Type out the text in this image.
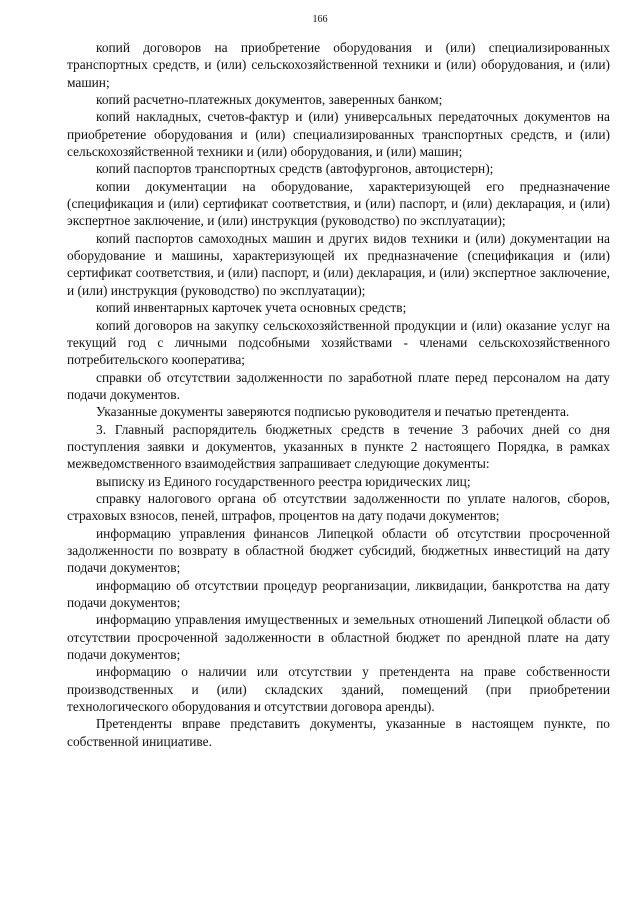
166

копий договоров на приобретение оборудования и (или) специализированных транспортных средств, и (или) сельскохозяйственной техники и (или) оборудования, и (или) машин;

копий расчетно-платежных документов, заверенных банком;

копий накладных, счетов-фактур и (или) универсальных передаточных документов на приобретение оборудования и (или) специализированных транспортных средств, и (или) сельскохозяйственной техники и (или) оборудования, и (или) машин;

копий паспортов транспортных средств (автофургонов, автоцистерн);

копии документации на оборудование, характеризующей его предназначение (спецификация и (или) сертификат соответствия, и (или) паспорт, и (или) декларация, и (или) экспертное заключение, и (или) инструкция (руководство) по эксплуатации);

копий паспортов самоходных машин и других видов техники и (или) документации на оборудование и машины, характеризующей их предназначение (спецификация и (или) сертификат соответствия, и (или) паспорт, и (или) декларация, и (или) экспертное заключение, и (или) инструкция (руководство) по эксплуатации);

копий инвентарных карточек учета основных средств;

копий договоров на закупку сельскохозяйственной продукции и (или) оказание услуг на текущий год с личными подсобными хозяйствами - членами сельскохозяйственного потребительского кооператива;

справки об отсутствии задолженности по заработной плате перед персоналом на дату подачи документов.

Указанные документы заверяются подписью руководителя и печатью претендента.

3. Главный распорядитель бюджетных средств в течение 3 рабочих дней со дня поступления заявки и документов, указанных в пункте 2 настоящего Порядка, в рамках межведомственного взаимодействия запрашивает следующие документы:

выписку из Единого государственного реестра юридических лиц;

справку налогового органа об отсутствии задолженности по уплате налогов, сборов, страховых взносов, пеней, штрафов, процентов на дату подачи документов;

информацию управления финансов Липецкой области об отсутствии просроченной задолженности по возврату в областной бюджет субсидий, бюджетных инвестиций на дату подачи документов;

информацию об отсутствии процедур реорганизации, ликвидации, банкротства на дату подачи документов;

информацию управления имущественных и земельных отношений Липецкой области об отсутствии просроченной задолженности в областной бюджет по арендной плате на дату подачи документов;

информацию о наличии или отсутствии у претендента на праве собственности производственных и (или) складских зданий, помещений (при приобретении технологического оборудования и отсутствии договора аренды).

Претенденты вправе представить документы, указанные в настоящем пункте, по собственной инициативе.
